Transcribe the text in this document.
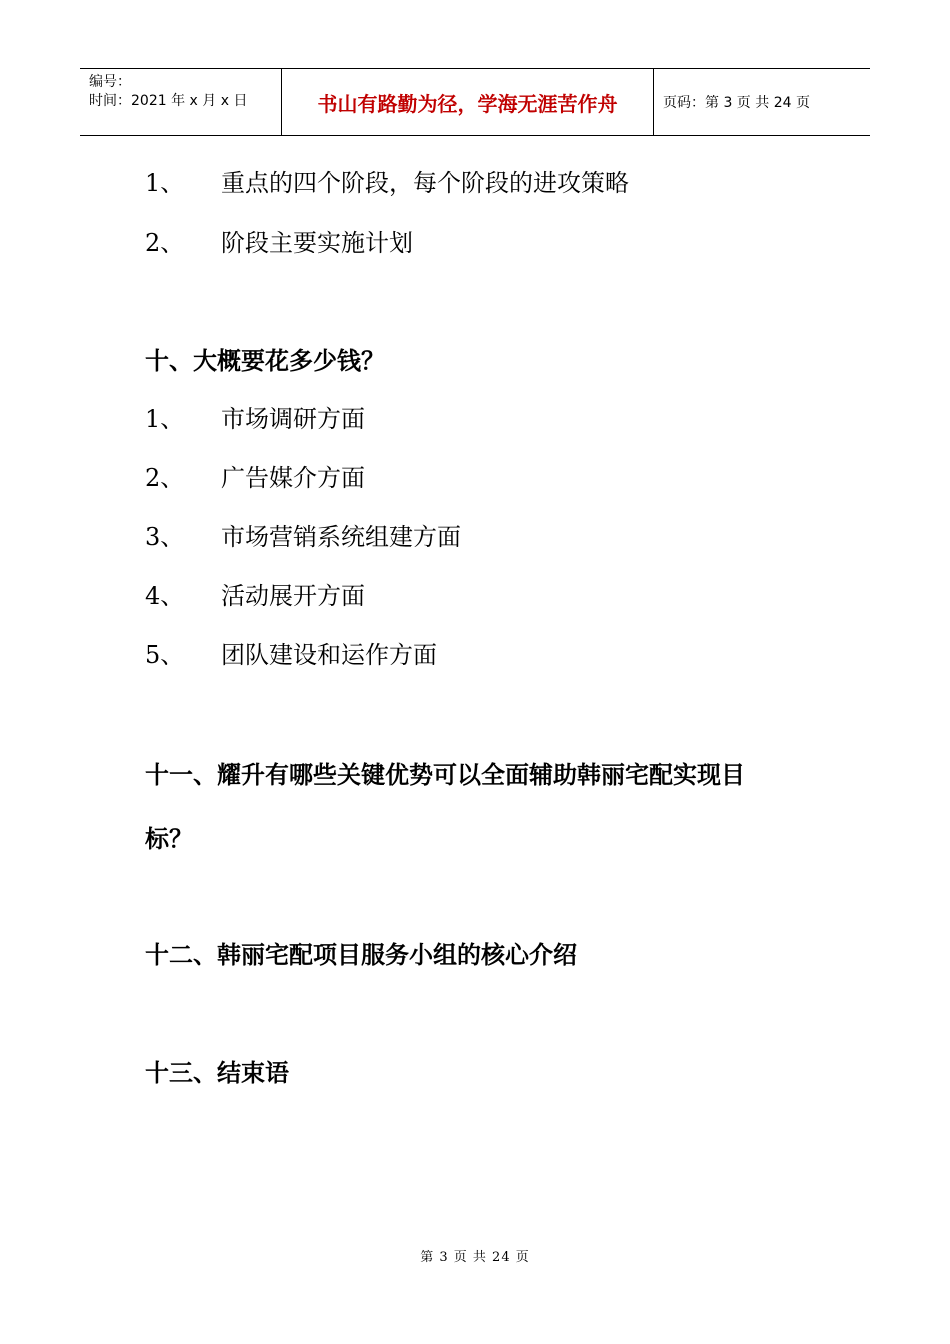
编号：
时间：2021 年 x 月 x 日	书山有路勤为径，学海无涯苦作舟	页码：第 3 页 共 24 页
1、 重点的四个阶段，每个阶段的进攻策略
2、 阶段主要实施计划
十、大概要花多少钱？
1、 市场调研方面
2、 广告媒介方面
3、 市场营销系统组建方面
4、 活动展开方面
5、 团队建设和运作方面
十一、耀升有哪些关键优势可以全面辅助韩丽宅配实现目
标？
十二、韩丽宅配项目服务小组的核心介绍
十三、结束语
第 3 页 共 24 页
